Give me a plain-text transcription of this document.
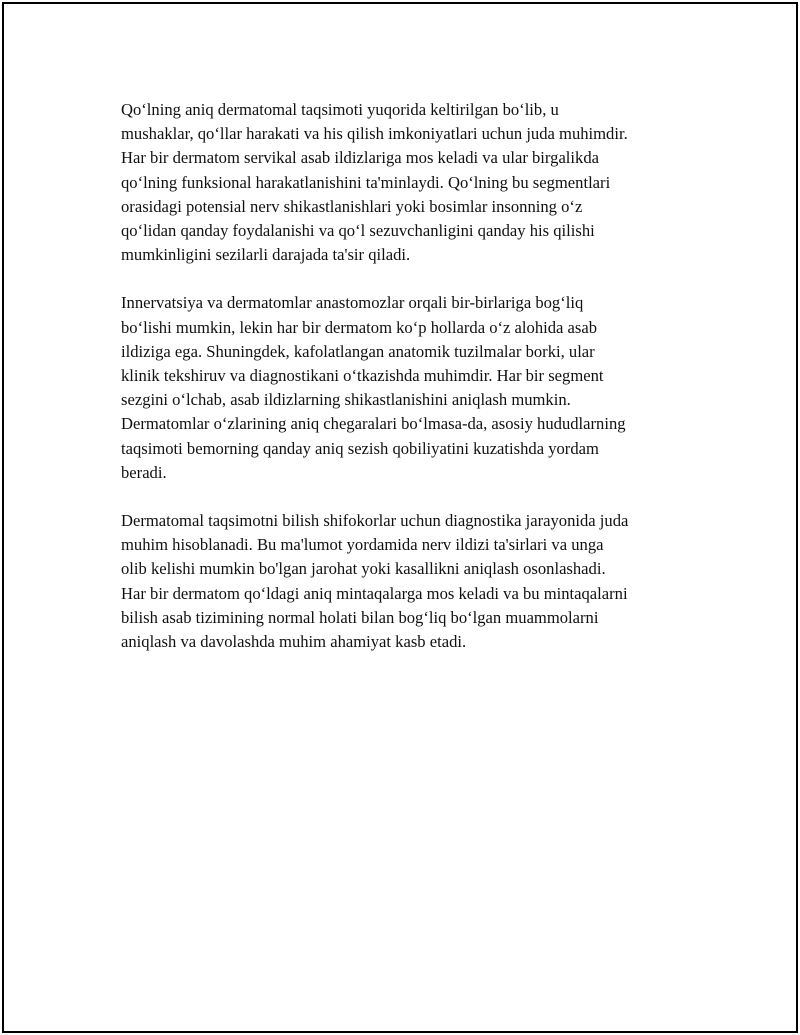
Qo‘lning aniq dermatomal taqsimoti yuqorida keltirilgan bo‘lib, u
mushaklar, qo‘llar harakati va his qilish imkoniyatlari uchun juda muhimdir.
Har bir dermatom servikal asab ildizlariga mos keladi va ular birgalikda
qo‘lning funksional harakatlanishini ta'minlaydi. Qo‘lning bu segmentlari
orasidagi potensial nerv shikastlanishlari yoki bosimlar insonning o‘z
qo‘lidan qanday foydalanishi va qo‘l sezuvchanligini qanday his qilishi
mumkinligini sezilarli darajada ta'sir qiladi.

Innervatsiya va dermatomlar anastomozlar orqali bir-birlariga bog‘liq
bo‘lishi mumkin, lekin har bir dermatom ko‘p hollarda o‘z alohida asab
ildiziga ega. Shuningdek, kafolatlangan anatomik tuzilmalar borki, ular
klinik tekshiruv va diagnostikani o‘tkazishda muhimdir. Har bir segment
sezgini o‘lchab, asab ildizlarning shikastlanishini aniqlash mumkin.
Dermatomlar o‘zlarining aniq chegaralari bo‘lmasa-da, asosiy hududlarning
taqsimoti bemorning qanday aniq sezish qobiliyatini kuzatishda yordam
beradi.

Dermatomal taqsimotni bilish shifokorlar uchun diagnostika jarayonida juda
muhim hisoblanadi. Bu ma'lumot yordamida nerv ildizi ta'sirlari va unga
olib kelishi mumkin bo'lgan jarohat yoki kasallikni aniqlash osonlashadi.
Har bir dermatom qo‘ldagi aniq mintaqalarga mos keladi va bu mintaqalarni
bilish asab tizimining normal holati bilan bog‘liq bo‘lgan muammolarni
aniqlash va davolashda muhim ahamiyat kasb etadi.
